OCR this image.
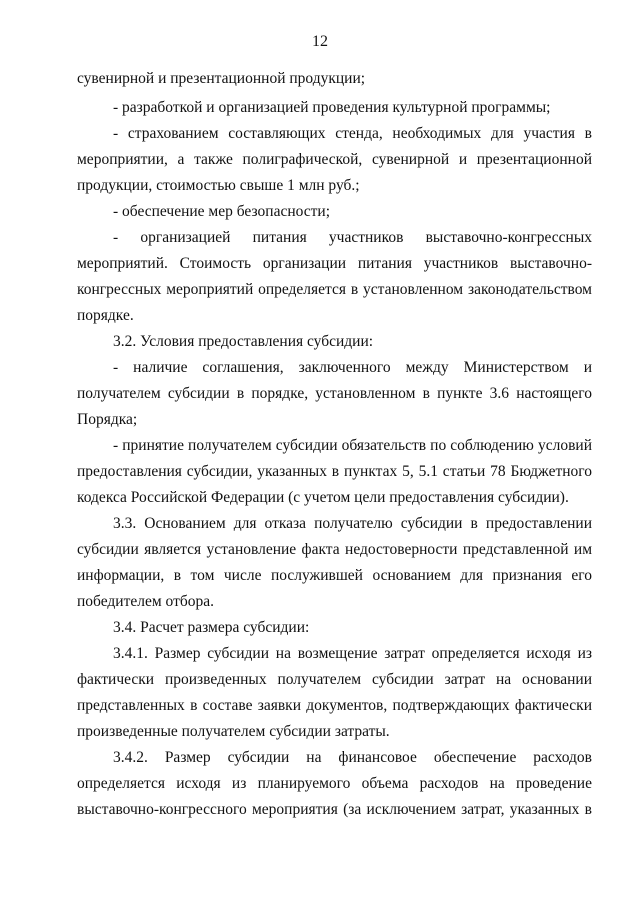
12
сувенирной и презентационной продукции;
- разработкой и организацией проведения культурной программы;
- страхованием составляющих стенда, необходимых для участия в
мероприятии, а также полиграфической, сувенирной и презентационной
продукции, стоимостью свыше 1 млн руб.;
- обеспечение мер безопасности;
- организацией питания участников выставочно-конгрессных
мероприятий. Стоимость организации питания участников выставочно-
конгрессных мероприятий определяется в установленном законодательством
порядке.
3.2. Условия предоставления субсидии:
- наличие соглашения, заключенного между Министерством и
получателем субсидии в порядке, установленном в пункте 3.6 настоящего
Порядка;
- принятие получателем субсидии обязательств по соблюдению условий
предоставления субсидии, указанных в пунктах 5, 5.1 статьи 78 Бюджетного
кодекса Российской Федерации (с учетом цели предоставления субсидии).
3.3. Основанием для отказа получателю субсидии в предоставлении
субсидии является установление факта недостоверности представленной им
информации, в том числе послужившей основанием для признания его
победителем отбора.
3.4. Расчет размера субсидии:
3.4.1. Размер субсидии на возмещение затрат определяется исходя из
фактически произведенных получателем субсидии затрат на основании
представленных в составе заявки документов, подтверждающих фактически
произведенные получателем субсидии затраты.
3.4.2. Размер субсидии на финансовое обеспечение расходов
определяется исходя из планируемого объема расходов на проведение
выставочно-конгрессного мероприятия (за исключением затрат, указанных в
